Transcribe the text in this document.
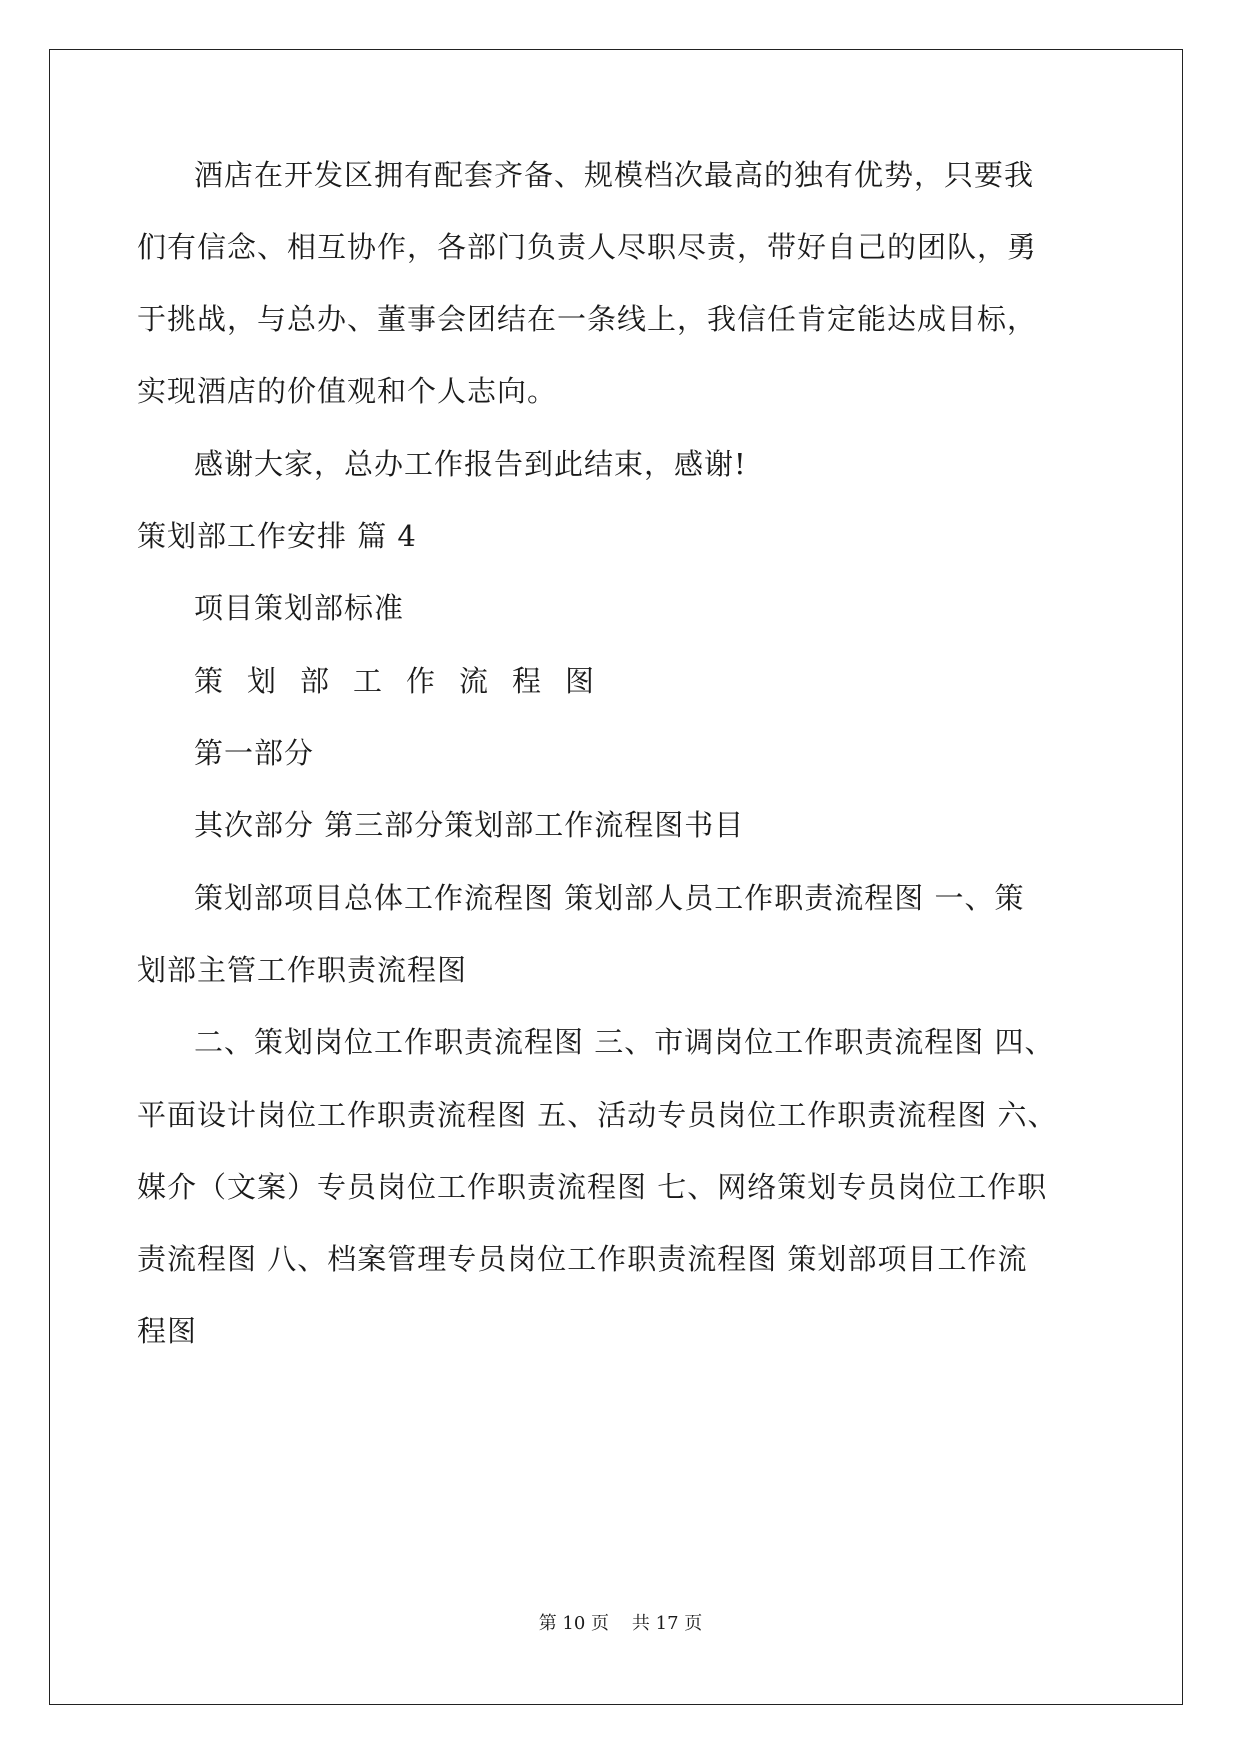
酒店在开发区拥有配套齐备、规模档次最高的独有优势，只要我
们有信念、相互协作，各部门负责人尽职尽责，带好自己的团队，勇
于挑战，与总办、董事会团结在一条线上，我信任肯定能达成目标，
实现酒店的价值观和个人志向。
感谢大家，总办工作报告到此结束，感谢!
策划部工作安排 篇 4
项目策划部标准
策划部工作流程图
第一部分
其次部分 第三部分策划部工作流程图书目
策划部项目总体工作流程图 策划部人员工作职责流程图 一、策
划部主管工作职责流程图
二、策划岗位工作职责流程图 三、市调岗位工作职责流程图 四、
平面设计岗位工作职责流程图 五、活动专员岗位工作职责流程图 六、
媒介（文案）专员岗位工作职责流程图 七、网络策划专员岗位工作职
责流程图 八、档案管理专员岗位工作职责流程图 策划部项目工作流
程图
第 10 页    共 17 页
